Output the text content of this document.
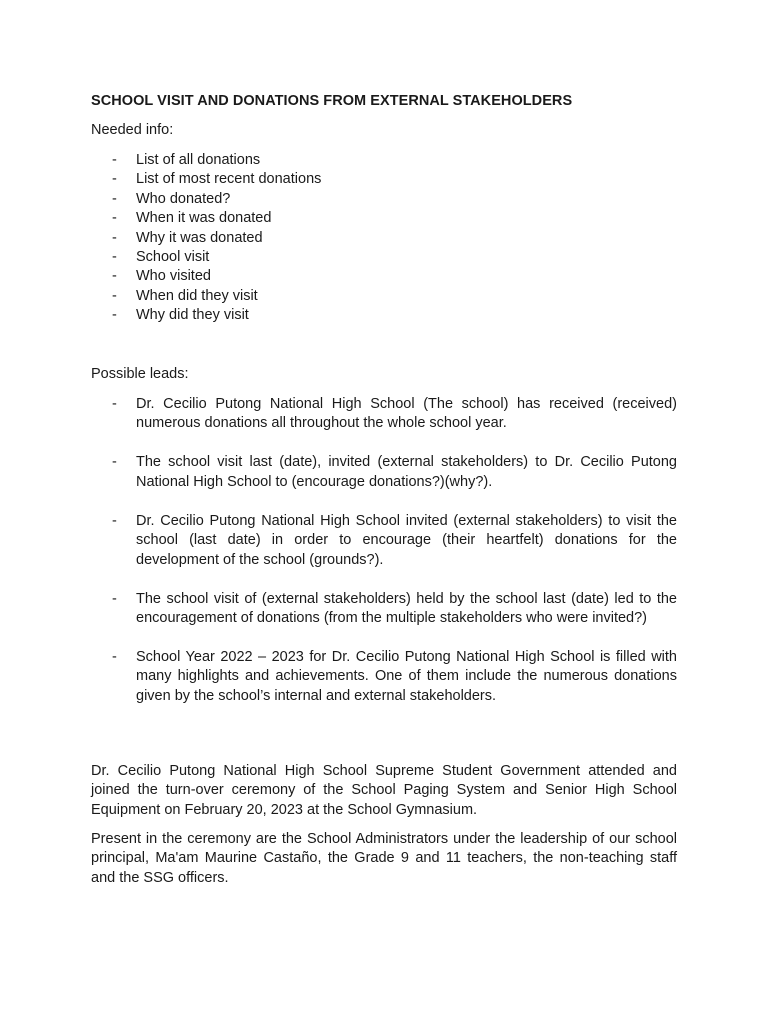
SCHOOL VISIT AND DONATIONS FROM EXTERNAL STAKEHOLDERS

Needed info:

- List of all donations
- List of most recent donations
- Who donated?
- When it was donated
- Why it was donated
- School visit
- Who visited
- When did they visit
- Why did they visit

Possible leads:

- Dr. Cecilio Putong National High School (The school) has received (received) numerous donations all throughout the whole school year.
- The school visit last (date), invited (external stakeholders) to Dr. Cecilio Putong National High School to (encourage donations?)(why?).
- Dr. Cecilio Putong National High School invited (external stakeholders) to visit the school (last date) in order to encourage (their heartfelt) donations for the development of the school (grounds?).
- The school visit of (external stakeholders) held by the school last (date) led to the encouragement of donations (from the multiple stakeholders who were invited?)
- School Year 2022 – 2023 for Dr. Cecilio Putong National High School is filled with many highlights and achievements. One of them include the numerous donations given by the school’s internal and external stakeholders.

Dr. Cecilio Putong National High School Supreme Student Government attended and joined the turn-over ceremony of the School Paging System and Senior High School Equipment on February 20, 2023 at the School Gymnasium.

Present in the ceremony are the School Administrators under the leadership of our school principal, Ma'am Maurine Castaño, the Grade 9 and 11 teachers, the non-teaching staff and the SSG officers.
